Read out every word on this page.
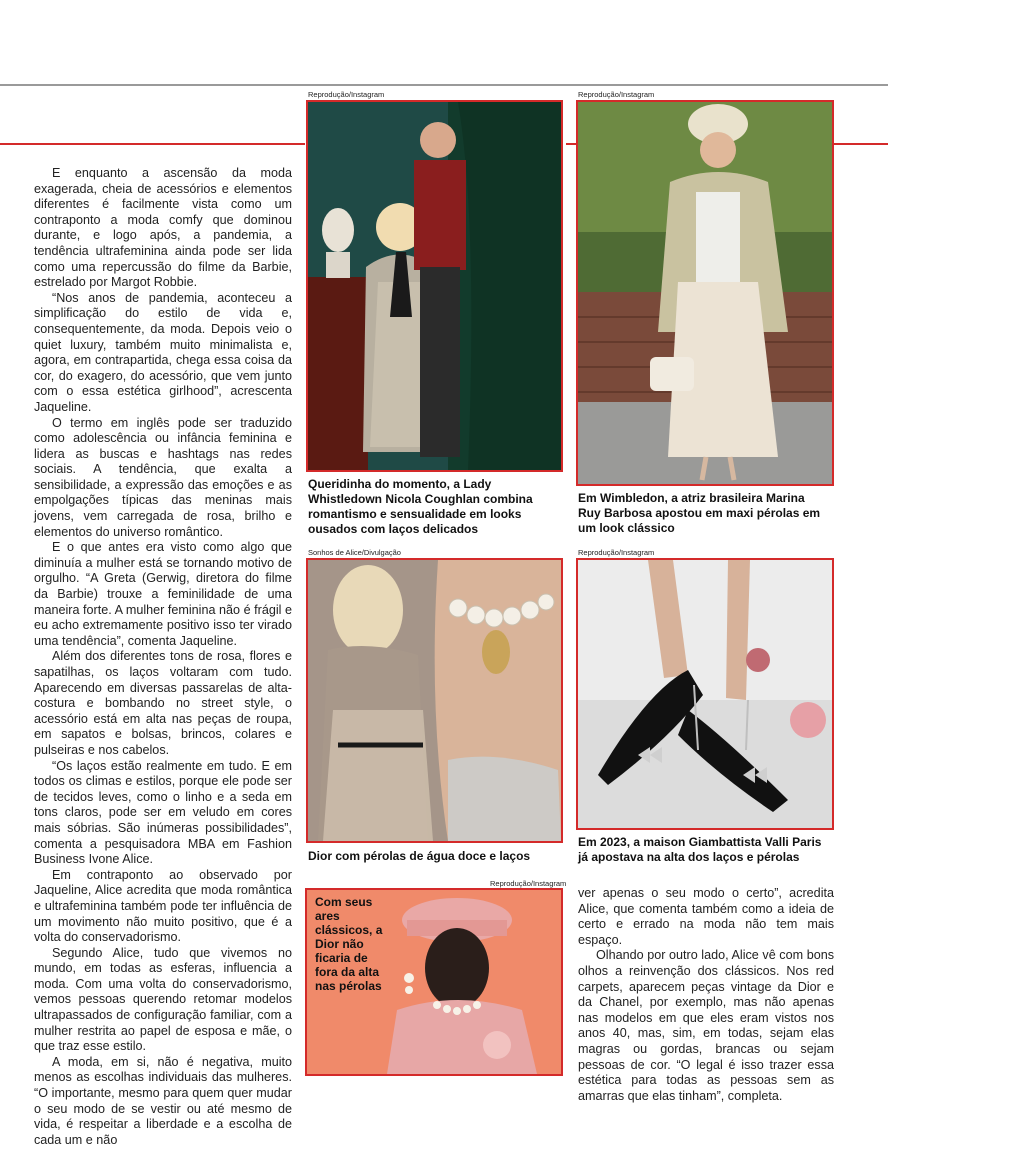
E enquanto a ascensão da moda exagerada, cheia de acessórios e elementos diferentes é facilmente vista como um contraponto a moda comfy que dominou durante, e logo após, a pandemia, a tendência ultrafeminina ainda pode ser lida como uma repercussão do filme da Barbie, estrelado por Margot Robbie.

“Nos anos de pandemia, aconteceu a simplificação do estilo de vida e, consequentemente, da moda. Depois veio o quiet luxury, também muito minimalista e, agora, em contrapartida, chega essa coisa da cor, do exagero, do acessório, que vem junto com o essa estética girlhood”, acrescenta Jaqueline.

O termo em inglês pode ser traduzido como adolescência ou infância feminina e lidera as buscas e hashtags nas redes sociais. A tendência, que exalta a sensibilidade, a expressão das emoções e as empolgações típicas das meninas mais jovens, vem carregada de rosa, brilho e elementos do universo romântico.

E o que antes era visto como algo que diminuía a mulher está se tornando motivo de orgulho. “A Greta (Gerwig, diretora do filme da Barbie) trouxe a feminilidade de uma maneira forte. A mulher feminina não é frágil e eu acho extremamente positivo isso ter virado uma tendência”, comenta Jaqueline.

Além dos diferentes tons de rosa, flores e sapatilhas, os laços voltaram com tudo. Aparecendo em diversas passarelas de alta-costura e bombando no street style, o acessório está em alta nas peças de roupa, em sapatos e bolsas, brincos, colares e pulseiras e nos cabelos.

“Os laços estão realmente em tudo. E em todos os climas e estilos, porque ele pode ser de tecidos leves, como o linho e a seda em tons claros, pode ser em veludo em cores mais sóbrias. São inúmeras possibilidades”, comenta a pesquisadora MBA em Fashion Business Ivone Alice.

Em contraponto ao observado por Jaqueline, Alice acredita que moda romântica e ultrafeminina também pode ter influência de um movimento não muito positivo, que é a volta do conservadorismo.

Segundo Alice, tudo que vivemos no mundo, em todas as esferas, influencia a moda. Com uma volta do conservadorismo, vemos pessoas querendo retomar modelos ultrapassados de configuração familiar, com a mulher restrita ao papel de esposa e mãe, o que traz esse estilo.

A moda, em si, não é negativa, muito menos as escolhas individuais das mulheres. “O importante, mesmo para quem quer mudar o seu modo de se vestir ou até mesmo de vida, é respeitar a liberdade e a escolha de cada um e não

Reprodução/Instagram
Queridinha do momento, a Lady Whistledown Nicola Coughlan combina romantismo e sensualidade em looks ousados com laços delicados
Reprodução/Instagram
Em Wimbledon, a atriz brasileira Marina Ruy Barbosa apostou em maxi pérolas em um look clássico
Sonhos de Alice/Divulgação
Dior com pérolas de água doce e laços
Reprodução/Instagram
Em 2023, a maison Giambattista Valli Paris já apostava na alta dos laços e pérolas
Reprodução/Instagram
Com seus ares clássicos, a Dior não ficaria de fora da alta nas pérolas

ver apenas o seu modo o certo”, acredita Alice, que comenta também como a ideia de certo e errado na moda não tem mais espaço.

Olhando por outro lado, Alice vê com bons olhos a reinvenção dos clássicos. Nos red carpets, aparecem peças vintage da Dior e da Chanel, por exemplo, mas não apenas nas modelos em que eles eram vistos nos anos 40, mas, sim, em todas, sejam elas magras ou gordas, brancas ou sejam pessoas de cor. “O legal é isso trazer essa estética para todas as pessoas sem as amarras que elas tinham”, completa.
